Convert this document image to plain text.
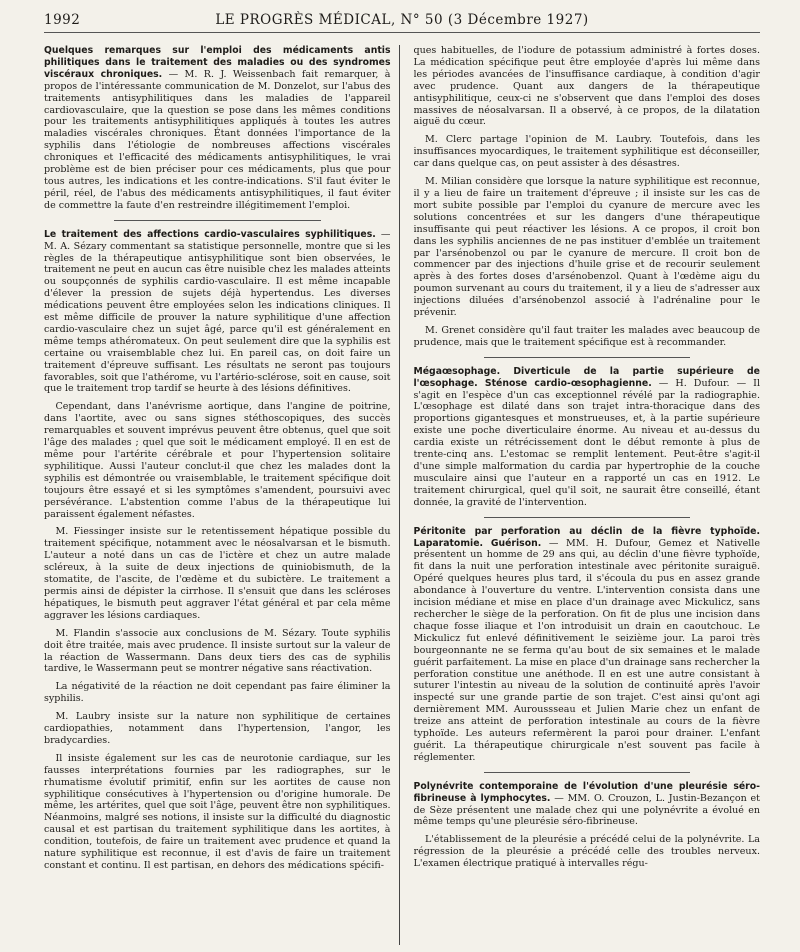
1992	LE PROGRÈS MÉDICAL, N° 50 (3 Décembre 1927)

Quelques remarques sur l'emploi des médicaments antis philitiques dans le traitement des maladies ou des syndromes viscéraux chroniques. — M. R. J. Weissenbach fait remarquer, à propos de l'intéressante communication de M. Donzelot, sur l'abus des traitements antisyphilitiques dans les maladies de l'appareil cardiovasculaire, que la question se pose dans les mêmes conditions pour les traitements antisyphilitiques appliqués à toutes les autres maladies viscérales chroniques. Étant données l'importance de la syphilis dans l'étiologie de nombreuses affections viscérales chroniques et l'efficacité des médicaments antisyphilitiques, le vrai problème est de bien préciser pour ces médicaments, plus que pour tous autres, les indications et les contre-indications. S'il faut éviter le péril, réel, de l'abus des médicaments antisyphilitiques, il faut éviter de commettre la faute d'en restreindre illégitimement l'emploi.

Le traitement des affections cardio-vasculaires syphilitiques. — M. A. Sézary commentant sa statistique personnelle, montre que si les règles de la thérapeutique antisyphilitique sont bien observées, le traitement ne peut en aucun cas être nuisible chez les malades atteints ou soupçonnés de syphilis cardio-vasculaire. Il est même incapable d'élever la pression de sujets déjà hypertendus. Les diverses médications peuvent être employées selon les indications cliniques. Il est même difficile de prouver la nature syphilitique d'une affection cardio-vasculaire chez un sujet âgé, parce qu'il est généralement en même temps athéromateux. On peut seulement dire que la syphilis est certaine ou vraisemblable chez lui. En pareil cas, on doit faire un traitement d'épreuve suffisant. Les résultats ne seront pas toujours favorables, soit que l'athérome, vu l'artério-sclérose, soit en cause, soit que le traitement trop tardif se heurte à des lésions définitives.

Cependant, dans l'anévrisme aortique, dans l'angine de poitrine, dans l'aortite, avec ou sans signes stéthoscopiques, des succès remarquables et souvent imprévus peuvent être obtenus, quel que soit l'âge des malades ; quel que soit le médicament employé. Il en est de même pour l'artérite cérébrale et pour l'hypertension solitaire syphilitique. Aussi l'auteur conclut-il que chez les malades dont la syphilis est démontrée ou vraisemblable, le traitement spécifique doit toujours être essayé et si les symptômes s'amendent, poursuivi avec persévérance. L'abstention comme l'abus de la thérapeutique lui paraissent également néfastes.

M. Fiessinger insiste sur le retentissement hépatique possible du traitement spécifique, notamment avec le néosalvarsan et le bismuth. L'auteur a noté dans un cas de l'ictère et chez un autre malade scléreux, à la suite de deux injections de quiniobismuth, de la stomatite, de l'ascite, de l'œdème et du subictère. Le traitement a permis ainsi de dépister la cirrhose. Il s'ensuit que dans les scléroses hépatiques, le bismuth peut aggraver l'état général et par cela même aggraver les lésions cardiaques.

M. Flandin s'associe aux conclusions de M. Sézary. Toute syphilis doit être traitée, mais avec prudence. Il insiste surtout sur la valeur de la réaction de Wassermann. Dans deux tiers des cas de syphilis tardive, le Wassermann peut se montrer négative sans réactivation.

La négativité de la réaction ne doit cependant pas faire éliminer la syphilis.

M. Laubry insiste sur la nature non syphilitique de certaines cardiopathies, notamment dans l'hypertension, l'angor, les bradycardies.

Il insiste également sur les cas de neurotonie cardiaque, sur les fausses interprétations fournies par les radiographes, sur le rhumatisme évolutif primitif, enfin sur les aortites de cause non syphilitique consécutives à l'hypertension ou d'origine humorale. De même, les artérites, quel que soit l'âge, peuvent être non syphilitiques. Néanmoins, malgré ses notions, il insiste sur la difficulté du diagnostic causal et est partisan du traitement syphilitique dans les aortites, à condition, toutefois, de faire un traitement avec prudence et quand la nature syphilitique est reconnue, il est d'avis de faire un traitement constant et continu. Il est partisan, en dehors des médications spécifi-

ques habituelles, de l'iodure de potassium administré à fortes doses. La médication spécifique peut être employée d'après lui même dans les périodes avancées de l'insuffisance cardiaque, à condition d'agir avec prudence. Quant aux dangers de la thérapeutique antisyphilitique, ceux-ci ne s'observent que dans l'emploi des doses massives de néosalvarsan. Il a observé, à ce propos, de la dilatation aiguë du cœur.

M. Clerc partage l'opinion de M. Laubry. Toutefois, dans les insuffisances myocardiques, le traitement syphilitique est déconseiller, car dans quelque cas, on peut assister à des désastres.

M. Milian considère que lorsque la nature syphilitique est reconnue, il y a lieu de faire un traitement d'épreuve ; il insiste sur les cas de mort subite possible par l'emploi du cyanure de mercure avec les solutions concentrées et sur les dangers d'une thérapeutique insuffisante qui peut réactiver les lésions. A ce propos, il croit bon dans les syphilis anciennes de ne pas instituer d'emblée un traitement par l'arsénobenzol ou par le cyanure de mercure. Il croit bon de commencer par des injections d'huile grise et de recourir seulement après à des fortes doses d'arsénobenzol. Quant à l'œdème aigu du poumon survenant au cours du traitement, il y a lieu de s'adresser aux injections diluées d'arsénobenzol associé à l'adrénaline pour le prévenir.

M. Grenet considère qu'il faut traiter les malades avec beaucoup de prudence, mais que le traitement spécifique est à recommander.

Mégaœsophage. Diverticule de la partie supérieure de l'œsophage. Sténose cardio-œsophagienne. — H. Dufour. — Il s'agit en l'espèce d'un cas exceptionnel révélé par la radiographie. L'œsophage est dilaté dans son trajet intra-thoracique dans des proportions gigantesques et monstrueuses, et, à la partie supérieure existe une poche diverticulaire énorme. Au niveau et au-dessus du cardia existe un rétrécissement dont le début remonte à plus de trente-cinq ans. L'estomac se remplit lentement. Peut-être s'agit-il d'une simple malformation du cardia par hypertrophie de la couche musculaire ainsi que l'auteur en a rapporté un cas en 1912. Le traitement chirurgical, quel qu'il soit, ne saurait être conseillé, étant donnée, la gravité de l'intervention.

Péritonite par perforation au déclin de la fièvre typhoïde. Laparatomie. Guérison. — MM. H. Dufour, Gemez et Nativelle présentent un homme de 29 ans qui, au déclin d'une fièvre typhoïde, fit dans la nuit une perforation intestinale avec péritonite suraiguë. Opéré quelques heures plus tard, il s'écoula du pus en assez grande abondance à l'ouverture du ventre. L'intervention consista dans une incision médiane et mise en place d'un drainage avec Mickulicz, sans rechercher le siège de la perforation. On fit de plus une incision dans chaque fosse iliaque et l'on introduisit un drain en caoutchouc. Le Mickulicz fut enlevé définitivement le seizième jour. La paroi très bourgeonnante ne se ferma qu'au bout de six semaines et le malade guérit parfaitement. La mise en place d'un drainage sans rechercher la perforation constitue une anéthode. Il en est une autre consistant à suturer l'intestin au niveau de la solution de continuité après l'avoir inspecté sur une grande partie de son trajet. C'est ainsi qu'ont agi dernièrement MM. Auroussseau et Julien Marie chez un enfant de treize ans atteint de perforation intestinale au cours de la fièvre typhoïde. Les auteurs refermèrent la paroi pour drainer. L'enfant guérit. La thérapeutique chirurgicale n'est souvent pas facile à réglementer.

Polynévrite contemporaine de l'évolution d'une pleurésie séro-fibrineuse à lymphocytes. — MM. O. Crouzon, L. Justin-Bezançon et de Sèze présentent une malade chez qui une polynévrite a évolué en même temps qu'une pleurésie séro-fibrineuse.

L'établissement de la pleurésie a précédé celui de la polynévrite. La régression de la pleurésie a précédé celle des troubles nerveux. L'examen électrique pratiqué à intervalles régu-
